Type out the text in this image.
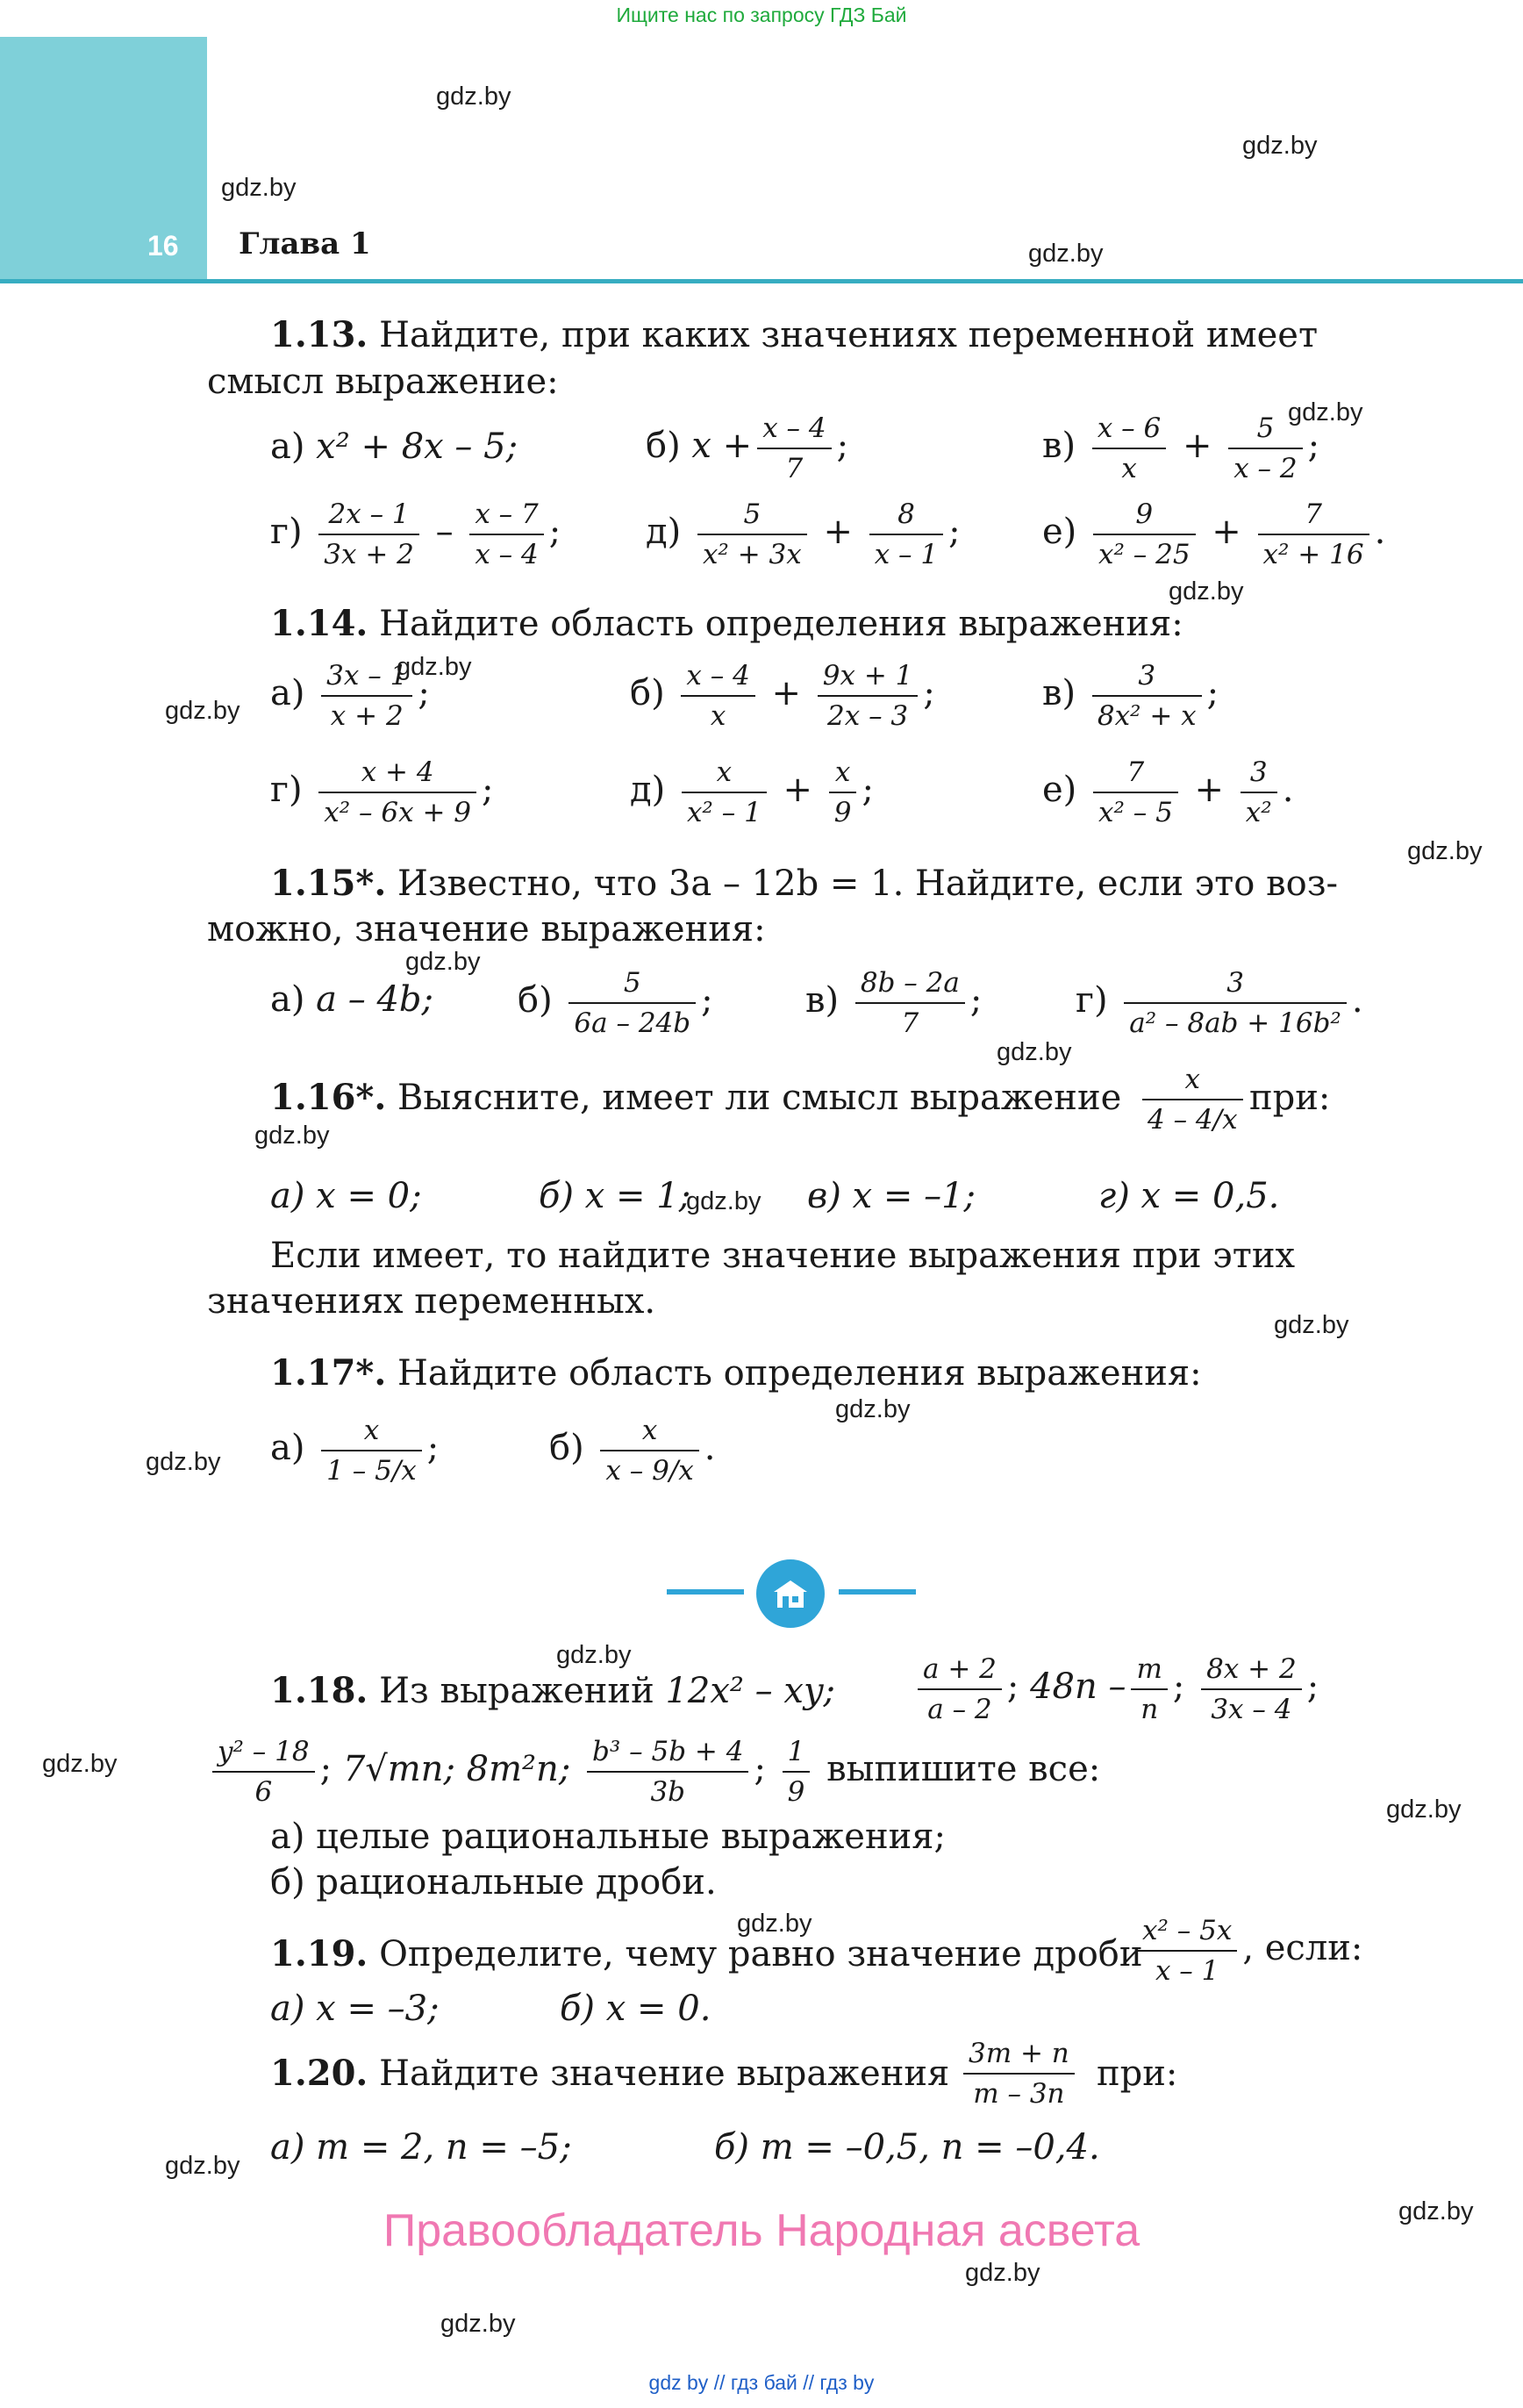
Ищите нас по запросу ГДЗ Бай
16 Глава 1
gdz.by
gdz.by
gdz.by
gdz.by
gdz.by
gdz.by
gdz.by
gdz.by
gdz.by
gdz.by
gdz.by
gdz.by
gdz.by
gdz.by
gdz.by
gdz.by
gdz.by
gdz.by
gdz.by
gdz.by
gdz.by
gdz.by
gdz.by
gdz.by
1.13. Найдите, при каких значениях переменной имеет
смысл выражение:
а) x² + 8x – 5;	б) $x + \frac{x - 4}{7}$ ;	$в) \frac{x - 6}{x} + \frac{5}{x - 2}$ ;
$г) \frac{2x - 1}{3x + 2} - \frac{x - 7}{x - 4}$ ; $д) \frac{5}{\text{x² + 3x}} + \frac{8}{x - 1}$ ; $е) \frac{9}{\text{x² – 25}} + \frac{7}{\text{x² + 16}}$ .
1.14. Найдите область определения выражения:
$а) \frac{3x - 1}{x + 2}$ ;	$б) \frac{x - 4}{x} + \frac{9x + 1}{2x - 3}$ ;	$в) \frac{3}{\text{8x² + x}}$ ;
$г) \frac{x + 4}{\text{x² – 6x + 9}}$ ;	$д) \frac{x}{\text{x² – 1}} + \frac{x}{9}$ ;	$е) \frac{7}{\text{x² – 5}} + \frac{3}{\text{x²}}$ .
1.15*. Известно, что 3a – 12b = 1. Найдите, если это воз-
можно, значение выражения:
а) a – 4b; $б) \frac{5}{6a - 24b}$ ;	$в) \frac{8b - 2a}{7}$ ;	$г) \frac{3}{\text{a² – 8ab + 16b²}}$ .
1.16*. Выясните, имеет ли смысл выражение $\frac{x}{4 - 4/x}$ при:
а) x = 0;	б) x = 1;	в) x = –1;	г) x = 0,5.
Если имеет, то найдите значение выражения при этих
значениях переменных.
1.17*. Найдите область определения выражения:
$а) \frac{x}{1 - 5/x}$ ;	$б) \frac{x}{x - 9/x}$ .
1.18. Из выражений 12x² – xy;	$\frac{a + 2}{a - 2}$ ; $48n - \frac{m}{n}$ ; $\frac{8x + 2}{3x - 4}$ ;
$\frac{\text{y² – 18}}{6}$ ; 7√mn; 8m²n; $\frac{\text{b³ – 5b + 4}}{3b}$ ; $\frac{1}{9}$ выпишите все:
а) целые рациональные выражения;
б) рациональные дроби.
1.19. Определите, чему равно значение дроби
$\frac{\text{x² – 5x}}{x - 1}$ , если:
а) x = –3;	б) x = 0.
1.20. Найдите значение выражения $\frac{3m + n}{m - 3n}$ при:
а) m = 2, n = –5;	б) m = –0,5, n = –0,4.
Правообладатель Народная асвета
gdz by // гдз бай // гдз by
